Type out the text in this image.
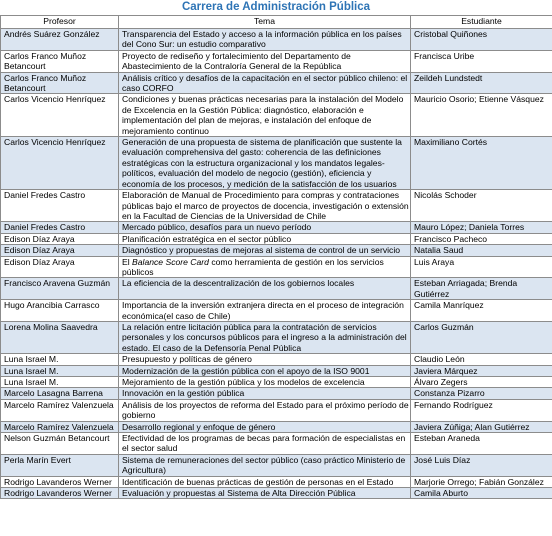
Carrera de Administración Pública
Profesor	Tema	Estudiante
Andrés Suárez González	Transparencia del Estado y acceso a la información pública en los países del Cono Sur: un estudio comparativo	Cristobal Quiñones
Carlos Franco Muñoz Betancourt	Proyecto de rediseño y fortalecimiento del Departamento de Abastecimiento de la Contraloría General de la República	Francisca Uribe
Carlos Franco Muñoz Betancourt	Análisis crítico y desafíos de la capacitación en el sector público chileno: el caso CORFO	Zeildeh Lundstedt
Carlos Vicencio Henríquez	Condiciones y buenas prácticas necesarias para la instalación del Modelo de Excelencia en la Gestión Pública: diagnóstico, elaboración e implementación del plan de mejoras, e instalación del enfoque de mejoramiento continuo	Mauricio Osorio; Etienne Vásquez
Carlos Vicencio Henríquez	Generación de una propuesta de sistema de planificación que sustente la evaluación comprehensiva del gasto: coherencia de las definiciones estratégicas con la estructura organizacional y los mandatos legales-políticos, evaluación del modelo de negocio (gestión), eficiencia y economía de los procesos, y medición de la satisfacción de los usuarios	Maximiliano Cortés
Daniel Fredes Castro	Elaboración de Manual de Procedimiento para compras y contrataciones públicas bajo el marco de proyectos de docencia, investigación o extensión en la Facultad de Ciencias de la Universidad de Chile	Nicolás Schoder
Daniel Fredes Castro	Mercado público, desafíos para un nuevo período	Mauro López; Daniela Torres
Edison Díaz Araya	Planificación estratégica en el sector público	Francisco Pacheco
Edison Díaz Araya	Diagnóstico y propuestas de mejoras al sistema de control de un servicio	Natalia Saud
Edison Díaz Araya	El Balance Score Card como herramienta de gestión en los servicios públicos	Luis Araya
Francisco Aravena Guzmán	La eficiencia de la descentralización de los gobiernos locales	Esteban Arriagada; Brenda Gutiérrez
Hugo Arancibia Carrasco	Importancia de la inversión extranjera directa en el proceso de integración económica(el caso de Chile)	Camila Manríquez
Lorena Molina Saavedra	La relación entre licitación pública para la contratación de servicios personales y los concursos públicos para el ingreso a la administración del estado. El caso de la Defensoría Penal Pública	Carlos Guzmán
Luna Israel M.	Presupuesto y políticas de género	Claudio León
Luna Israel M.	Modernización de la gestión pública con el apoyo de la ISO 9001	Javiera Márquez
Luna Israel M.	Mejoramiento de la gestión pública y los modelos de excelencia	Álvaro Zegers
Marcelo Lasagna Barrena	Innovación en la gestión pública	Constanza Pizarro
Marcelo Ramírez Valenzuela	Análisis de los proyectos de reforma del Estado para el próximo período de gobierno	Fernando Rodríguez
Marcelo Ramírez Valenzuela	Desarrollo regional y enfoque de género	Javiera Zúñiga; Alan Gutiérrez
Nelson Guzmán Betancourt	Efectividad de los programas de becas para formación de especialistas en el sector salud	Esteban Araneda
Perla Marín Evert	Sistema de remuneraciones del sector público (caso práctico Ministerio de Agricultura)	José Luis Díaz
Rodrigo Lavanderos Werner	Identificación de buenas prácticas de gestión de personas en el Estado	Marjorie Orrego; Fabián González
Rodrigo Lavanderos Werner	Evaluación y propuestas al Sistema de Alta Dirección Pública	Camila Aburto
